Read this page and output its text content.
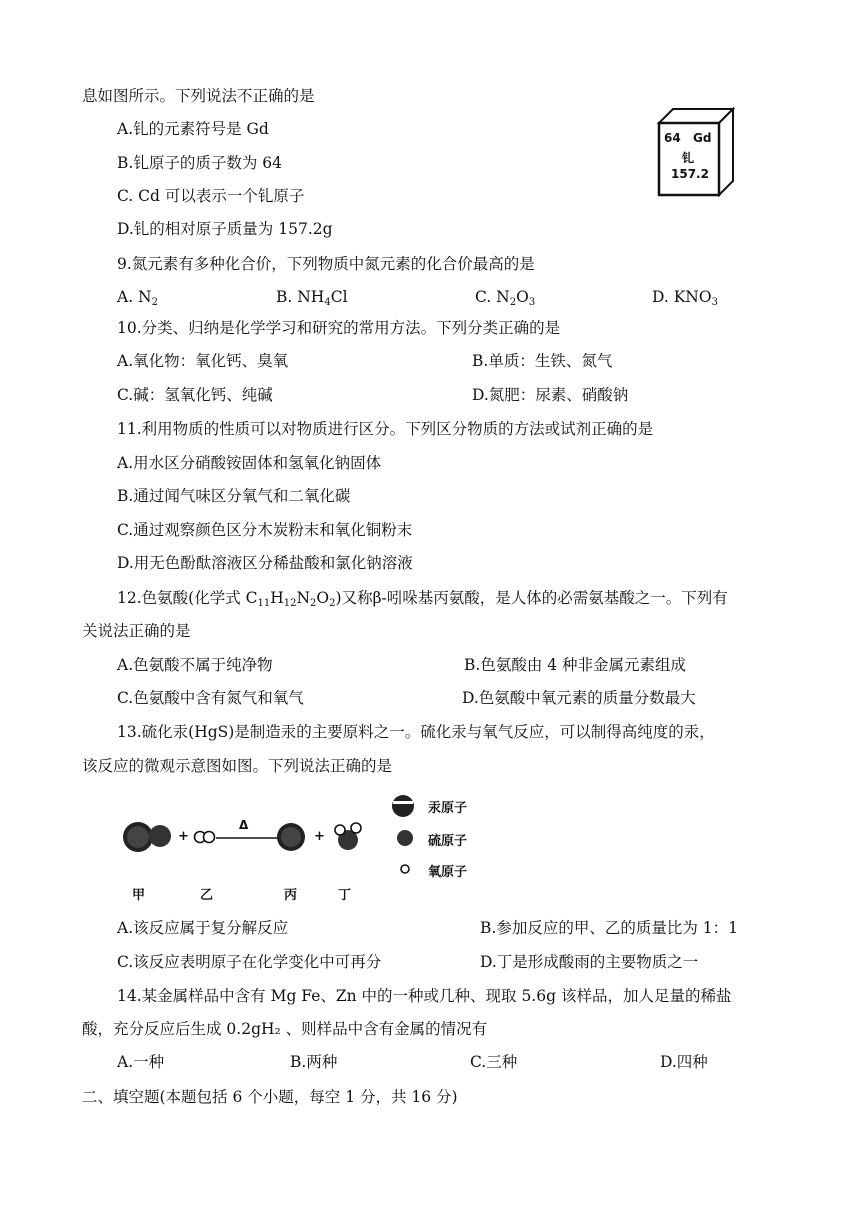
息如图所示。下列说法不正确的是
A.钆的元素符号是 Gd
B.钆原子的质子数为 64
C. Cd 可以表示一个钆原子
D.钆的相对原子质量为 157.2g
64 Gd
钆
157.2
9.氮元素有多种化合价，下列物质中氮元素的化合价最高的是
A. $N_2$	B. $NH_4Cl$	C. $N_2O_3$	D. $KNO_3$
10.分类、归纳是化学学习和研究的常用方法。下列分类正确的是
A.氧化物：氧化钙、臭氧	B.单质：生铁、氮气
C.碱：氢氧化钙、纯碱	D.氮肥：尿素、硝酸钠
11.利用物质的性质可以对物质进行区分。下列区分物质的方法或试剂正确的是
A.用水区分硝酸铵固体和氢氧化钠固体
B.通过闻气味区分氧气和二氧化碳
C.通过观察颜色区分木炭粉末和氧化铜粉末
D.用无色酚酞溶液区分稀盐酸和氯化钠溶液
12.色氨酸(化学式 $C_{11}H_{12}N_2O_2$)又称β-吲哚基丙氨酸，是人体的必需氨基酸之一。下列有
关说法正确的是
A.色氨酸不属于纯净物	B.色氨酸由 4 种非金属元素组成
C.色氨酸中含有氮气和氧气	D.色氨酸中氧元素的质量分数最大
13.硫化汞(HgS)是制造汞的主要原料之一。硫化汞与氧气反应，可以制得高纯度的汞，
该反应的微观示意图如图。下列说法正确的是
+
Δ
+
甲	乙	丙	丁
汞原子
硫原子
氧原子
A.该反应属于复分解反应	B.参加反应的甲、乙的质量比为 1：1
C.该反应表明原子在化学变化中可再分	D.丁是形成酸雨的主要物质之一
14.某金属样品中含有 Mg Fe、Zn 中的一种或几种、现取 5.6g 该样品，加人足量的稀盐
酸，充分反应后生成 0.2gH₂ 、则样品中含有金属的情况有
A.一种	B.两种	C.三种	D.四种
二、填空题(本题包括 6 个小题，每空 1 分，共 16 分)
